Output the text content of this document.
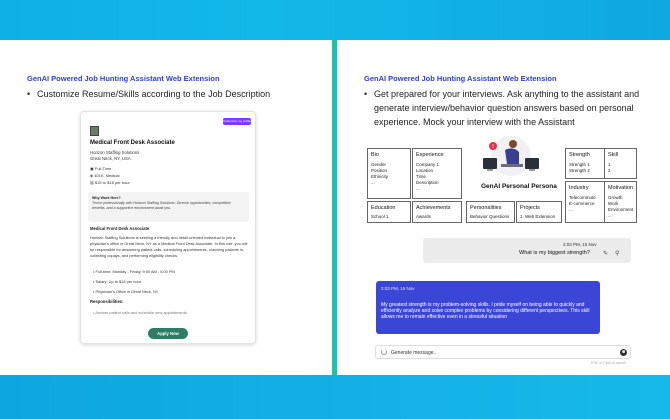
GenAI Powered Job Hunting Assistant Web Extension
• Customize Resume/Skills according to the Job Description
Customize my profile
Medical Front Desk Associate
Horizon Staffing Solutions
Great Neck, NY, USA
▣ Full-Time
◈ 401K, Medical
▤ $15 to $18 per hour
Why Work Here?
Thrive professionally with Horizon Staffing Solutions: Diverse opportunities, competitive benefits, and a supportive environment await you.
Medical Front Desk Associate
Horizon Staffing Solutions is seeking a friendly and detail-oriented individual to join a physician's office in Great Neck, NY as a Medical Front Desk Associate. In this role, you will be responsible for answering patient calls, scheduling appointments, checking patients in, collecting copays, and performing eligibility checks.
• Full-time, Monday - Friday, 9:00 AM - 5:00 PM
• Salary: Up to $18 per hour
• Physician's Office in Great Neck, NY
Responsibilities:
• Answer patient calls and schedule new appointments
Apply Now
GenAI Powered Job Hunting Assistant Web Extension
• Get prepared for your interviews. Ask anything to the assistant and generate interview/behavior question answers based on personal experience. Mock your interview with the Assistant
Bio
Gender
Position
Ethnicity
...
Experience
Company 1
Location
Time
Description
...
!
GenAI Personal Persona
Strength
Strength 1
Strength 2
Skill
1
2
Industry
Telecommute
E-commerce
...
Motivation
Growth
Work
Environment
...
Education
School 1
Achievements
Awards
Personalities
Behavior Questions
Projects
1. Web Extension
2:03 PM, 15 Nov
What is my biggest strength? ✎ ⚲
2:03 PM, 15 Nov
My greatest strength is my problem-solving skills. I pride myself on being able to quickly and efficiently analyze and solve complex problems by considering different perspectives. This skill allows me to remain effective even in a stressful situation
Generate message..	■
ESC or Click to cancel
